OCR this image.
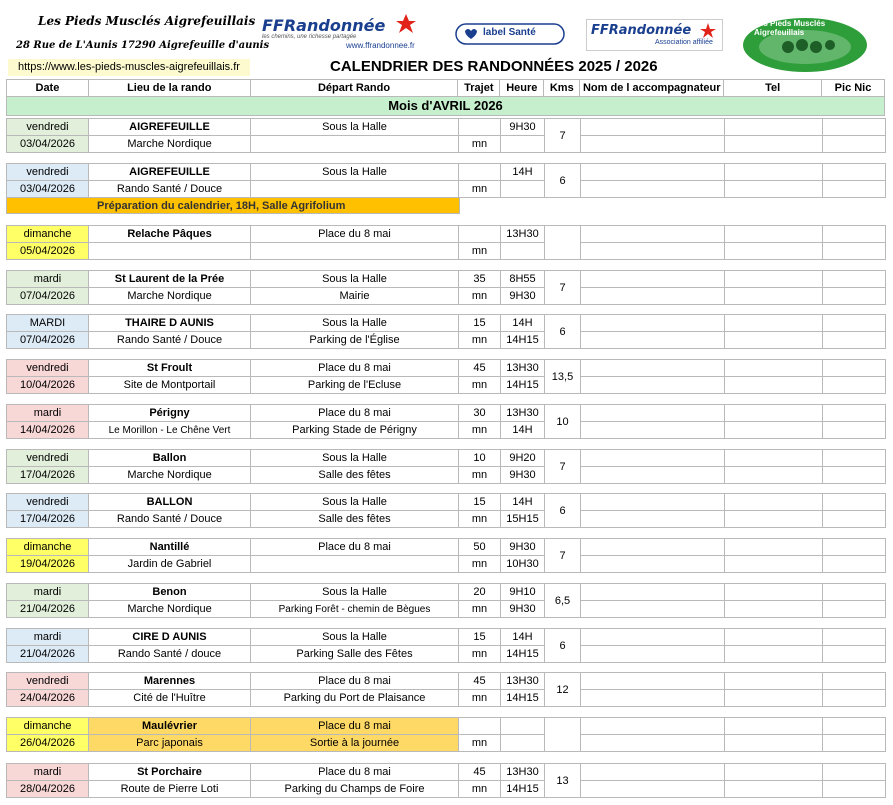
Les Pieds Musclés Aigrefeuillais
28 Rue de L'Aunis 17290 Aigrefeuille d'aunis
https://www.les-pieds-muscles-aigrefeuillais.fr
FFRandonnée
les chemins, une richesse partagée
www.ffrandonnee.fr
label Santé	FFRandonnée
Association affiliée
Les Pieds Musclés Aigrefeuillais
CALENDRIER DES RANDONNÉES 2025 / 2026
Date	Lieu de la rando	Départ Rando	Trajet	Heure	Kms	Nom de l accompagnateur	Tel	Pic Nic
Mois d'AVRIL 2026
Préparation du calendrier, 18H, Salle Agrifolium
vendredi	AIGREFEUILLE	Sous la Halle		9H30	7			
03/04/2026	Marche Nordique		mn					
vendredi	AIGREFEUILLE	Sous la Halle		14H	6			
03/04/2026	Rando Santé / Douce		mn					
dimanche	Relache Pâques	Place du 8 mai		13H30				
05/04/2026			mn					
mardi	St Laurent de la Prée	Sous la Halle	35	8H55	7			
07/04/2026	Marche Nordique	Mairie	mn	9H30				
MARDI	THAIRE D AUNIS	Sous la Halle	15	14H	6			
07/04/2026	Rando Santé / Douce	Parking de l'Église	mn	14H15				
vendredi	St Froult	Place du 8 mai	45	13H30	13,5			
10/04/2026	Site de Montportail	Parking de l'Ecluse	mn	14H15				
mardi	Périgny	Place du 8 mai	30	13H30	10			
14/04/2026	Le Morillon - Le Chêne Vert	Parking Stade de Périgny	mn	14H				
vendredi	Ballon	Sous la Halle	10	9H20	7			
17/04/2026	Marche Nordique	Salle des fêtes	mn	9H30				
vendredi	BALLON	Sous la Halle	15	14H	6			
17/04/2026	Rando Santé / Douce	Salle des fêtes	mn	15H15				
dimanche	Nantillé	Place du 8 mai	50	9H30	7			
19/04/2026	Jardin de Gabriel		mn	10H30				
mardi	Benon	Sous la Halle	20	9H10	6,5			
21/04/2026	Marche Nordique	Parking Forêt - chemin de Bègues	mn	9H30				
mardi	CIRE D AUNIS	Sous la Halle	15	14H	6			
21/04/2026	Rando Santé / douce	Parking Salle des Fêtes	mn	14H15				
vendredi	Marennes	Place du 8 mai	45	13H30	12			
24/04/2026	Cité de l'Huître	Parking du Port de Plaisance	mn	14H15				
dimanche	Maulévrier	Place du 8 mai						
26/04/2026	Parc japonais	Sortie à la journée	mn					
mardi	St Porchaire	Place du 8 mai	45	13H30	13			
28/04/2026	Route de Pierre Loti	Parking du Champs de Foire	mn	14H15				
